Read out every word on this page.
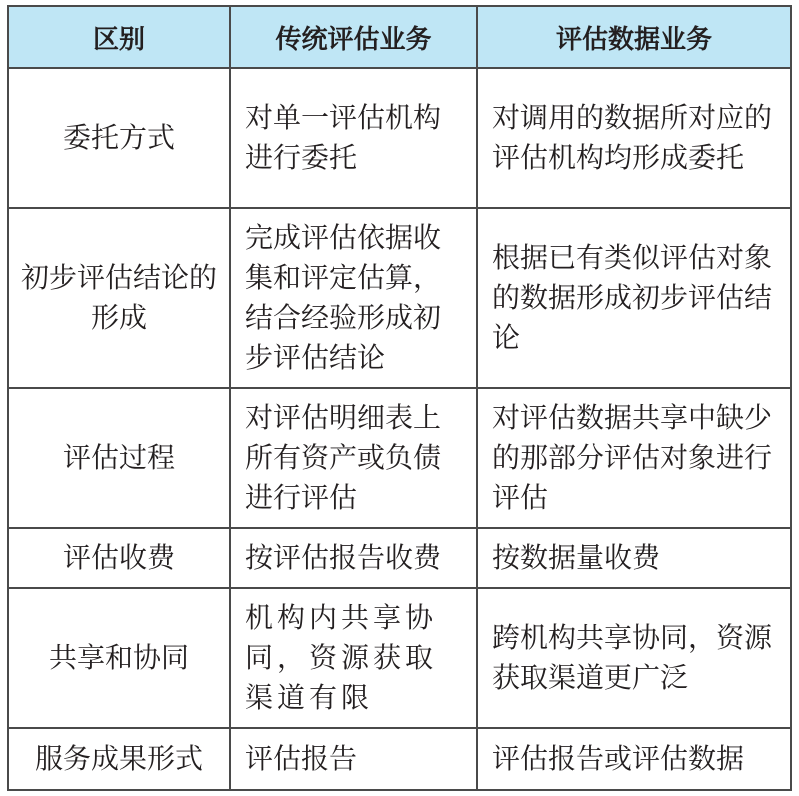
区别	传统评估业务	评估数据业务
委托方式	对单一评估机构进行委托	对调用的数据所对应的评估机构均形成委托
初步评估结论的形成	完成评估依据收集和评定估算，结合经验形成初步评估结论	根据已有类似评估对象的数据形成初步评估结论
评估过程	对评估明细表上所有资产或负债进行评估	对评估数据共享中缺少的那部分评估对象进行评估
评估收费	按评估报告收费	按数据量收费
共享和协同	机构内共享协同，资源获取渠道有限	跨机构共享协同，资源获取渠道更广泛
服务成果形式	评估报告	评估报告或评估数据
